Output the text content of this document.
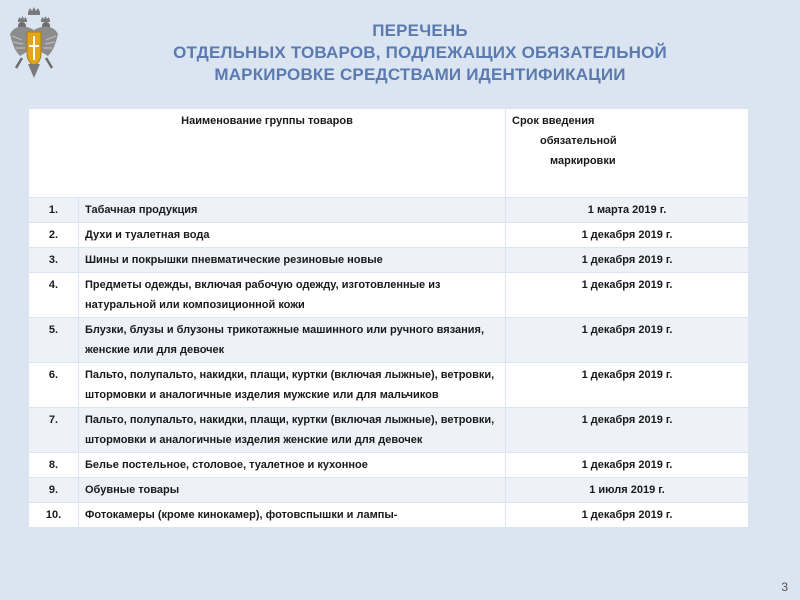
ПЕРЕЧЕНЬ
ОТДЕЛЬНЫХ ТОВАРОВ, ПОДЛЕЖАЩИХ ОБЯЗАТЕЛЬНОЙ
МАРКИРОВКЕ СРЕДСТВАМИ ИДЕНТИФИКАЦИИ
Наименование группы товаров		Срок введения
обязательной
маркировки

1.	Табачная продукция	1 марта 2019 г.
2.	Духи и туалетная вода	1 декабря 2019 г.
3.	Шины и покрышки пневматические резиновые новые	1 декабря 2019 г.
4.	Предметы одежды, включая рабочую одежду, изготовленные из натуральной или композиционной кожи	1 декабря 2019 г.
5.	Блузки, блузы и блузоны трикотажные машинного или ручного вязания, женские или для девочек	1 декабря 2019 г.
6.	Пальто, полупальто, накидки, плащи, куртки (включая лыжные), ветровки, штормовки и аналогичные изделия мужские или для мальчиков	1 декабря 2019 г.
7.	Пальто, полупальто, накидки, плащи, куртки (включая лыжные), ветровки, штормовки и аналогичные изделия женские или для девочек	1 декабря 2019 г.
8.	Белье постельное, столовое, туалетное и кухонное	1 декабря 2019 г.
9.	Обувные товары	1 июля 2019 г.
10.	Фотокамеры (кроме кинокамер), фотовспышки и лампы-	1 декабря 2019 г.
3
